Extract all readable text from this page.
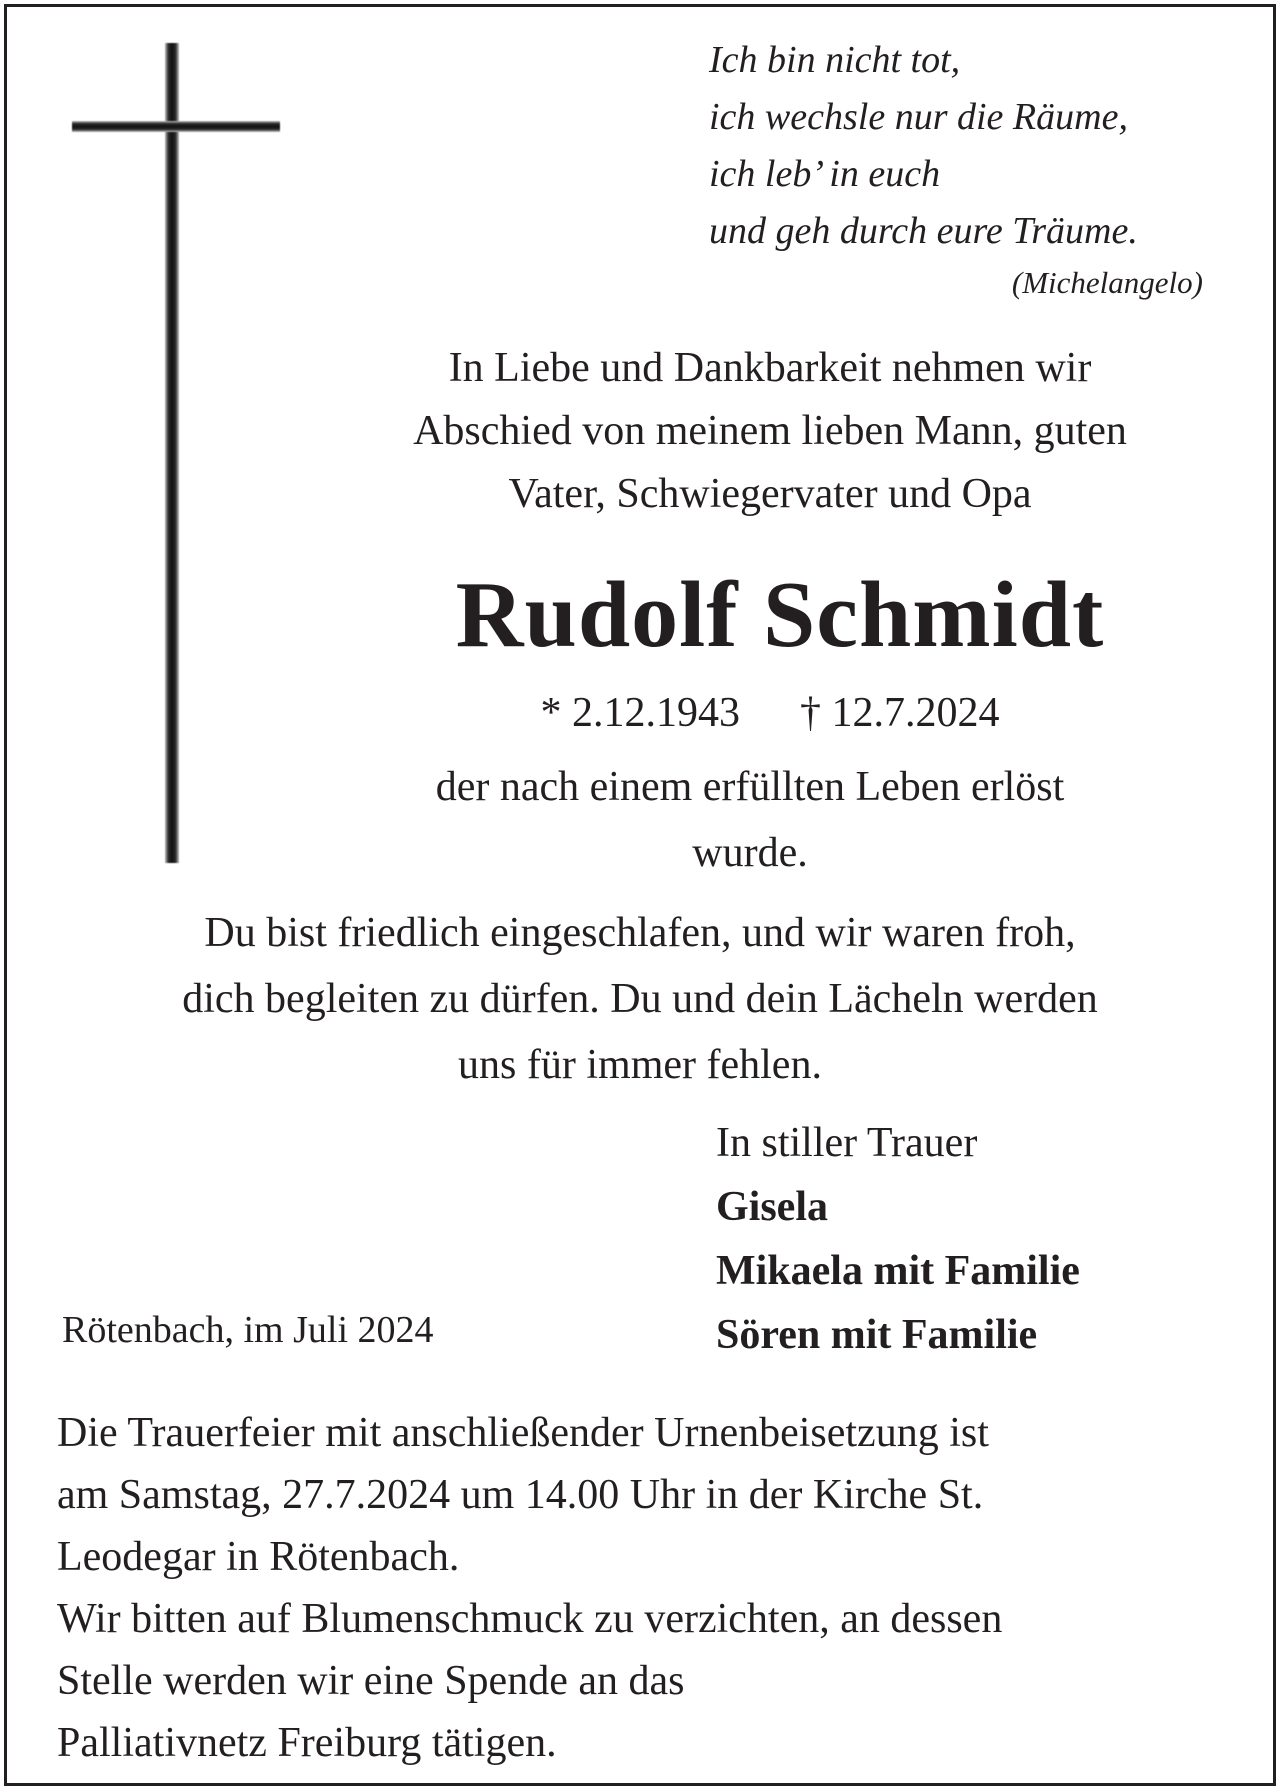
Ich bin nicht tot,
ich wechsle nur die Räume,
ich leb’ in euch
und geh durch eure Träume.
(Michelangelo)
In Liebe und Dankbarkeit nehmen wir
Abschied von meinem lieben Mann, guten
Vater, Schwiegervater und Opa
Rudolf Schmidt
* 2.12.1943 † 12.7.2024
der nach einem erfüllten Leben erlöst
wurde.
Du bist friedlich eingeschlafen, und wir waren froh,
dich begleiten zu dürfen. Du und dein Lächeln werden
uns für immer fehlen.
In stiller Trauer
Gisela
Mikaela mit Familie
Sören mit Familie
Rötenbach, im Juli 2024

Die Trauerfeier mit anschließender Urnenbeisetzung ist

am Samstag, 27.7.2024 um 14.00 Uhr in der Kirche St.

Leodegar in Rötenbach.

Wir bitten auf Blumenschmuck zu verzichten, an dessen

Stelle werden wir eine Spende an das

Palliativnetz Freiburg tätigen.
